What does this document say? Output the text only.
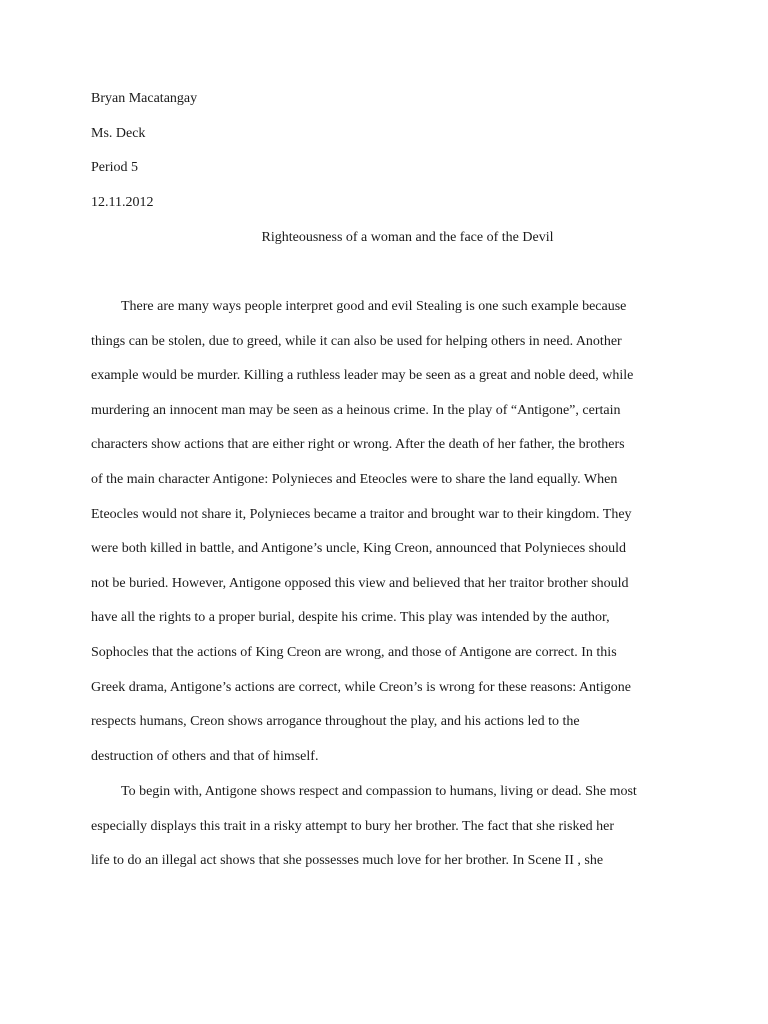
Bryan Macatangay
Ms. Deck
Period 5
12.11.2012
Righteousness of a woman and the face of the Devil
There are many ways people interpret good and evil Stealing is one such example because
things can be stolen, due to greed, while it can also be used for helping others in need. Another
example would be murder. Killing a ruthless leader may be seen as a great and noble deed, while
murdering an innocent man may be seen as a heinous crime. In the play of “Antigone”, certain
characters show actions that are either right or wrong. After the death of her father, the brothers
of the main character Antigone: Polynieces and Eteocles were to share the land equally. When
Eteocles would not share it, Polynieces became a traitor and brought war to their kingdom. They
were both killed in battle, and Antigone’s uncle, King Creon, announced that Polynieces should
not be buried. However, Antigone opposed this view and believed that her traitor brother should
have all the rights to a proper burial, despite his crime. This play was intended by the author,
Sophocles that the actions of King Creon are wrong, and those of Antigone are correct. In this
Greek drama, Antigone’s actions are correct, while Creon’s is wrong for these reasons: Antigone
respects humans, Creon shows arrogance throughout the play, and his actions led to the
destruction of others and that of himself.
To begin with, Antigone shows respect and compassion to humans, living or dead. She most
especially displays this trait in a risky attempt to bury her brother. The fact that she risked her
life to do an illegal act shows that she possesses much love for her brother. In Scene II , she
